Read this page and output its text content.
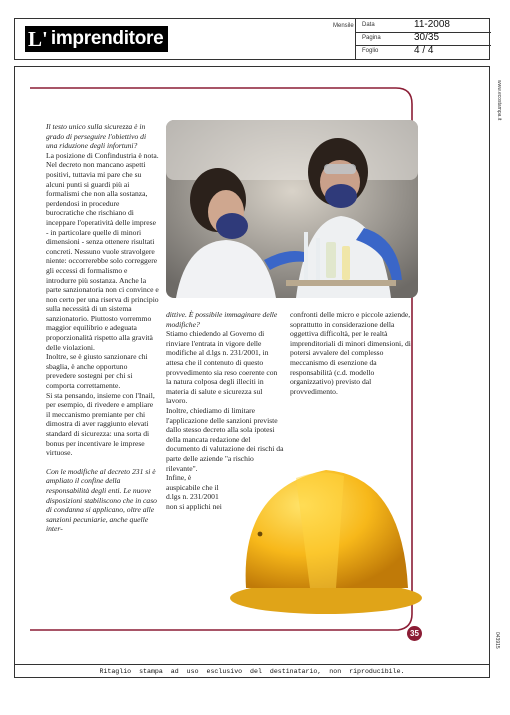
L' imprenditore
Mensile Data	11-2008
Pagina	30/35
Foglio	4 / 4
www.ecostampa.it
043915

Il testo unico sulla sicurezza è in grado di perseguire l'obiettivo di una riduzione degli infortuni?

La posizione di Confindustria è nota. Nel decreto non mancano aspetti positivi, tuttavia mi pare che su alcuni punti si guardi più ai formalismi che non alla sostanza, perdendosi in procedure burocratiche che rischiano di inceppare l'operatività delle imprese - in particolare quelle di minori dimensioni - senza ottenere risultati concreti. Nessuno vuole stravolgere niente: occorrerebbe solo correggere gli eccessi di formalismo e introdurre più sostanza. Anche la parte sanzionatoria non ci convince e non certo per una riserva di principio sulla necessità di un sistema sanzionatorio. Piuttosto vorremmo maggior equilibrio e adeguata proporzionalità rispetto alla gravità delle violazioni.

Inoltre, se è giusto sanzionare chi sbaglia, è anche opportuno prevedere sostegni per chi si comporta correttamente.

Si sta pensando, insieme con l'Inail, per esempio, di rivedere e ampliare il meccanismo premiante per chi dimostra di aver raggiunto elevati standard di sicurezza: una sorta di bonus per incentivare le imprese virtuose.

Con le modifiche al decreto 231 si è ampliato il confine della responsabilità degli enti. Le nuove disposizioni stabiliscono che in caso di condanna si applicano, oltre alle sanzioni pecuniarie, anche quelle inter-

dittive. È possibile immaginare delle modifiche?

Stiamo chiedendo al Governo di rinviare l'entrata in vigore delle modifiche al d.lgs n. 231/2001, in attesa che il contenuto di questo provvedimento sia reso coerente con la natura colposa degli illeciti in materia di salute e sicurezza sul lavoro.

Inoltre, chiediamo di limitare l'applicazione delle sanzioni previste dallo stesso decreto alla sola ipotesi della mancata redazione del documento di valutazione dei rischi da parte delle aziende "a rischio rilevante".

Infine, è auspicabile che il d.lgs n. 231/2001 non si applichi nei

confronti delle micro e piccole aziende, soprattutto in considerazione della oggettiva difficoltà, per le realtà imprenditoriali di minori dimensioni, di potersi avvalere del complesso meccanismo di esenzione da responsabilità (c.d. modello organizzativo) previsto dal provvedimento.

35
Ritaglio stampa ad uso esclusivo del destinatario, non riproducibile.
